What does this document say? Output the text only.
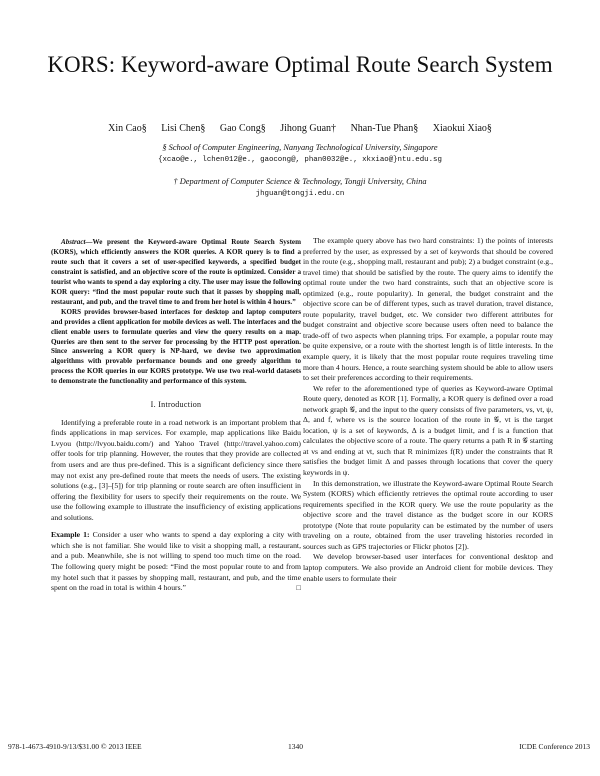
KORS: Keyword-aware Optimal Route Search System
Xin Cao§ Lisi Chen§ Gao Cong§ Jihong Guan† Nhan-Tue Phan§ Xiaokui Xiao§
§ School of Computer Engineering, Nanyang Technological University, Singapore
{xcao@e., lchen012@e., gaocong@, phan0032@e., xkxiao@}ntu.edu.sg
† Department of Computer Science & Technology, Tongji University, China
jhguan@tongji.edu.cn

Abstract—We present the Keyword-aware Optimal Route Search System (KORS), which efficiently answers the KOR queries. A KOR query is to find a route such that it covers a set of user-specified keywords, a specified budget constraint is satisfied, and an objective score of the route is optimized. Consider a tourist who wants to spend a day exploring a city. The user may issue the following KOR query: “find the most popular route such that it passes by shopping mall, restaurant, and pub, and the travel time to and from her hotel is within 4 hours.”

KORS provides browser-based interfaces for desktop and laptop computers and provides a client application for mobile devices as well. The interfaces and the client enable users to formulate queries and view the query results on a map. Queries are then sent to the server for processing by the HTTP post operation. Since answering a KOR query is NP-hard, we devise two approximation algorithms with provable performance bounds and one greedy algorithm to process the KOR queries in our KORS prototype. We use two real-world datasets to demonstrate the functionality and performance of this system.

I. Introduction

Identifying a preferable route in a road network is an important problem that finds applications in map services. For example, map applications like Baidu Lvyou (http://lvyou.baidu.com/) and Yahoo Travel (http://travel.yahoo.com) offer tools for trip planning. However, the routes that they provide are collected from users and are thus pre-defined. This is a significant deficiency since there may not exist any pre-defined route that meets the needs of users. The existing solutions (e.g., [3]–[5]) for trip planning or route search are often insufficient in offering the flexibility for users to specify their requirements on the route. We use the following example to illustrate the insufficiency of existing applications and solutions.

Example 1: Consider a user who wants to spend a day exploring a city with which she is not familiar. She would like to visit a shopping mall, a restaurant, and a pub. Meanwhile, she is not willing to spend too much time on the road. The following query might be posed: “Find the most popular route to and from my hotel such that it passes by shopping mall, restaurant, and pub, and the time spent on the road in total is within 4 hours.”	□

The example query above has two hard constraints: 1) the points of interests preferred by the user, as expressed by a set of keywords that should be covered in the route (e.g., shopping mall, restaurant and pub); 2) a budget constraint (e.g., travel time) that should be satisfied by the route. The query aims to identify the optimal route under the two hard constraints, such that an objective score is optimized (e.g., route popularity). In general, the budget constraint and the objective score can be of different types, such as travel duration, travel distance, route popularity, travel budget, etc. We consider two different attributes for budget constraint and objective score because users often need to balance the trade-off of two aspects when planning trips. For example, a popular route may be quite expensive, or a route with the shortest length is of little interests. In the example query, it is likely that the most popular route requires traveling time more than 4 hours. Hence, a route searching system should be able to allow users to set their preferences according to their requirements.

We refer to the aforementioned type of queries as Keyword-aware Optimal Route query, denoted as KOR [1]. Formally, a KOR query is defined over a road network graph 𝒢, and the input to the query consists of five parameters, vs, vt, ψ, Δ, and f, where vs is the source location of the route in 𝒢, vt is the target location, ψ is a set of keywords, Δ is a budget limit, and f is a function that calculates the objective score of a route. The query returns a path R in 𝒢 starting at vs and ending at vt, such that R minimizes f(R) under the constraints that R satisfies the budget limit Δ and passes through locations that cover the query keywords in ψ.

In this demonstration, we illustrate the Keyword-aware Optimal Route Search System (KORS) which efficiently retrieves the optimal route according to user requirements specified in the KOR query. We use the route popularity as the objective score and the travel distance as the budget score in our KORS prototype (Note that route popularity can be estimated by the number of users traveling on a route, obtained from the user traveling histories recorded in sources such as GPS trajectories or Flickr photos [2]).

We develop browser-based user interfaces for conventional desktop and laptop computers. We also provide an Android client for mobile devices. They enable users to formulate their

978-1-4673-4910-9/13/$31.00 © 2013 IEEE	1340	ICDE Conference 2013
